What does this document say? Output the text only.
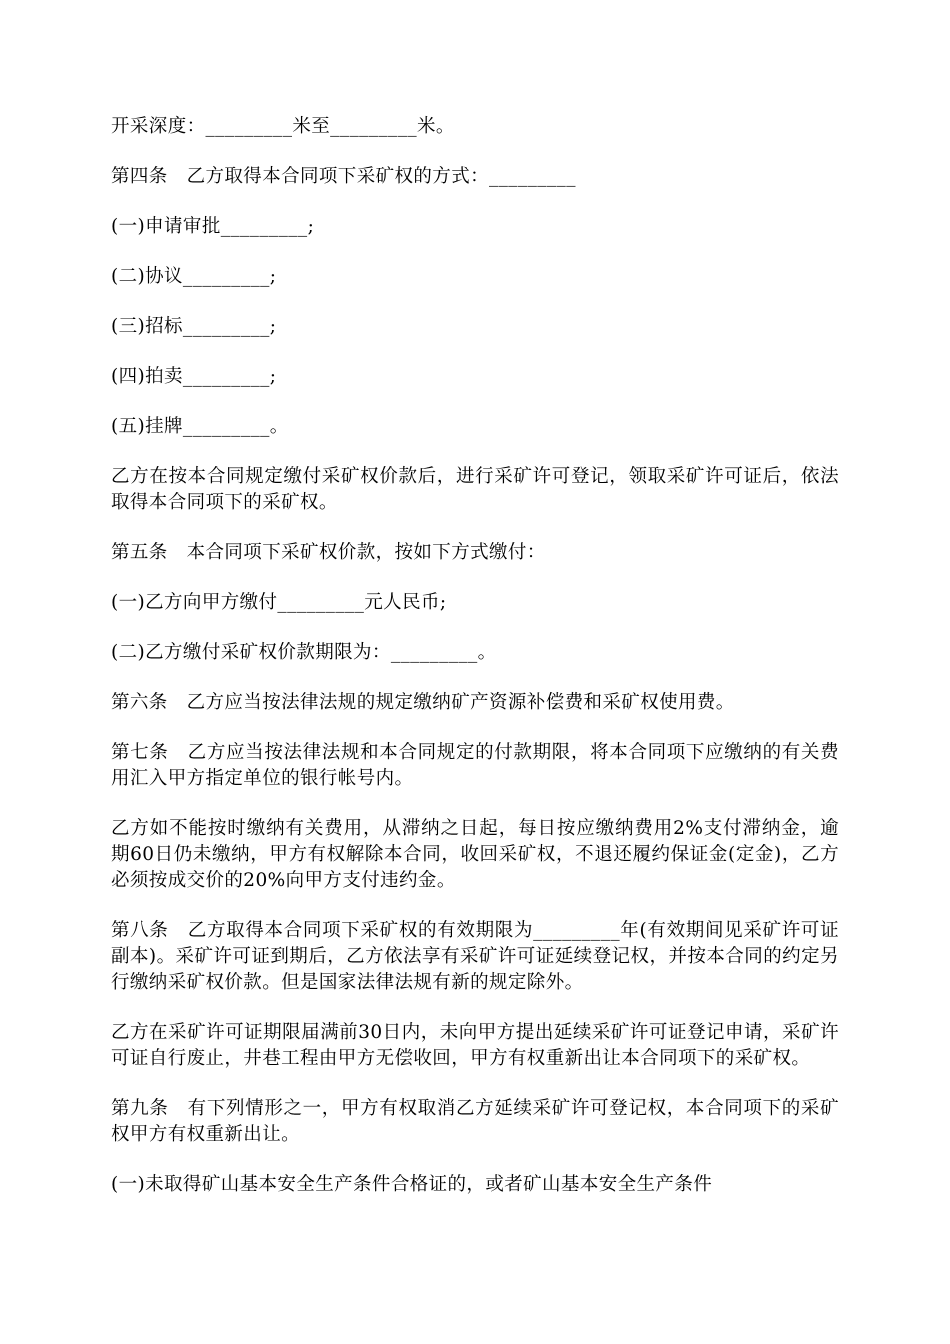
开采深度：_________米至_________米。

第四条　乙方取得本合同项下采矿权的方式：_________

(一)申请审批_________;

(二)协议_________;

(三)招标_________;

(四)拍卖_________;

(五)挂牌_________。

乙方在按本合同规定缴付采矿权价款后，进行采矿许可登记，领取采矿许可证后，依法取得本合同项下的采矿权。

第五条　本合同项下采矿权价款，按如下方式缴付：

(一)乙方向甲方缴付_________元人民币;

(二)乙方缴付采矿权价款期限为：_________。

第六条　乙方应当按法律法规的规定缴纳矿产资源补偿费和采矿权使用费。

第七条　乙方应当按法律法规和本合同规定的付款期限，将本合同项下应缴纳的有关费用汇入甲方指定单位的银行帐号内。

乙方如不能按时缴纳有关费用，从滞纳之日起，每日按应缴纳费用2%支付滞纳金，逾期60日仍未缴纳，甲方有权解除本合同，收回采矿权，不退还履约保证金(定金)，乙方必须按成交价的20%向甲方支付违约金。

第八条　乙方取得本合同项下采矿权的有效期限为_________年(有效期间见采矿许可证副本)。采矿许可证到期后，乙方依法享有采矿许可证延续登记权，并按本合同的约定另行缴纳采矿权价款。但是国家法律法规有新的规定除外。

乙方在采矿许可证期限届满前30日内，未向甲方提出延续采矿许可证登记申请，采矿许可证自行废止，井巷工程由甲方无偿收回，甲方有权重新出让本合同项下的采矿权。

第九条　有下列情形之一，甲方有权取消乙方延续采矿许可登记权，本合同项下的采矿权甲方有权重新出让。

(一)未取得矿山基本安全生产条件合格证的，或者矿山基本安全生产条件
